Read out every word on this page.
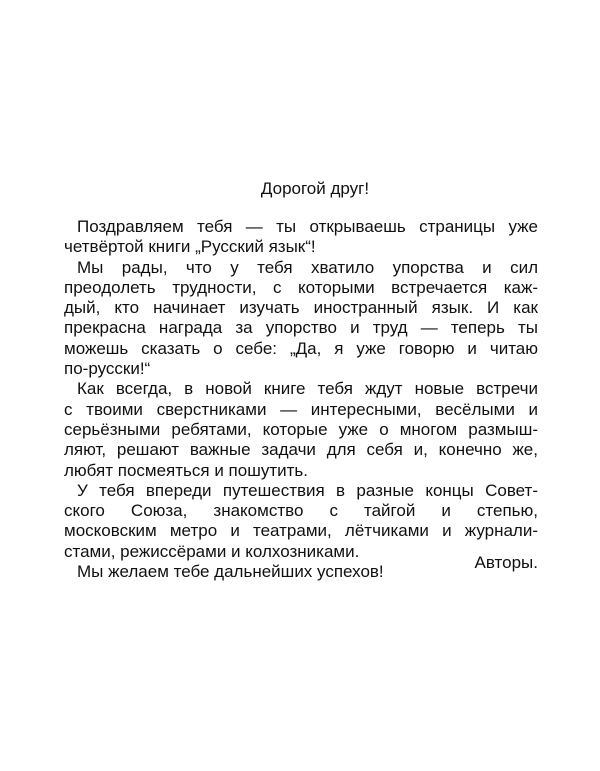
Дорогой друг!
Поздравляем тебя — ты открываешь страницы уже
четвёртой книги „Русский язык“!
Мы рады, что у тебя хватило упорства и сил
преодолеть трудности, с которыми встречается каж-
дый, кто начинает изучать иностранный язык. И как
прекрасна награда за упорство и труд — теперь ты
можешь сказать о себе: „Да, я уже говорю и читаю
по-русски!“
Как всегда, в новой книге тебя ждут новые встречи
с твоими сверстниками — интересными, весёлыми и
серьёзными ребятами, которые уже о многом размыш-
ляют, решают важные задачи для себя и, конечно же,
любят посмеяться и пошутить.
У тебя впереди путешествия в разные концы Совет-
ского Союза, знакомство с тайгой и степью,
московским метро и театрами, лётчиками и журнали-
стами, режиссёрами и колхозниками.
Мы желаем тебе дальнейших успехов!	Авторы.
